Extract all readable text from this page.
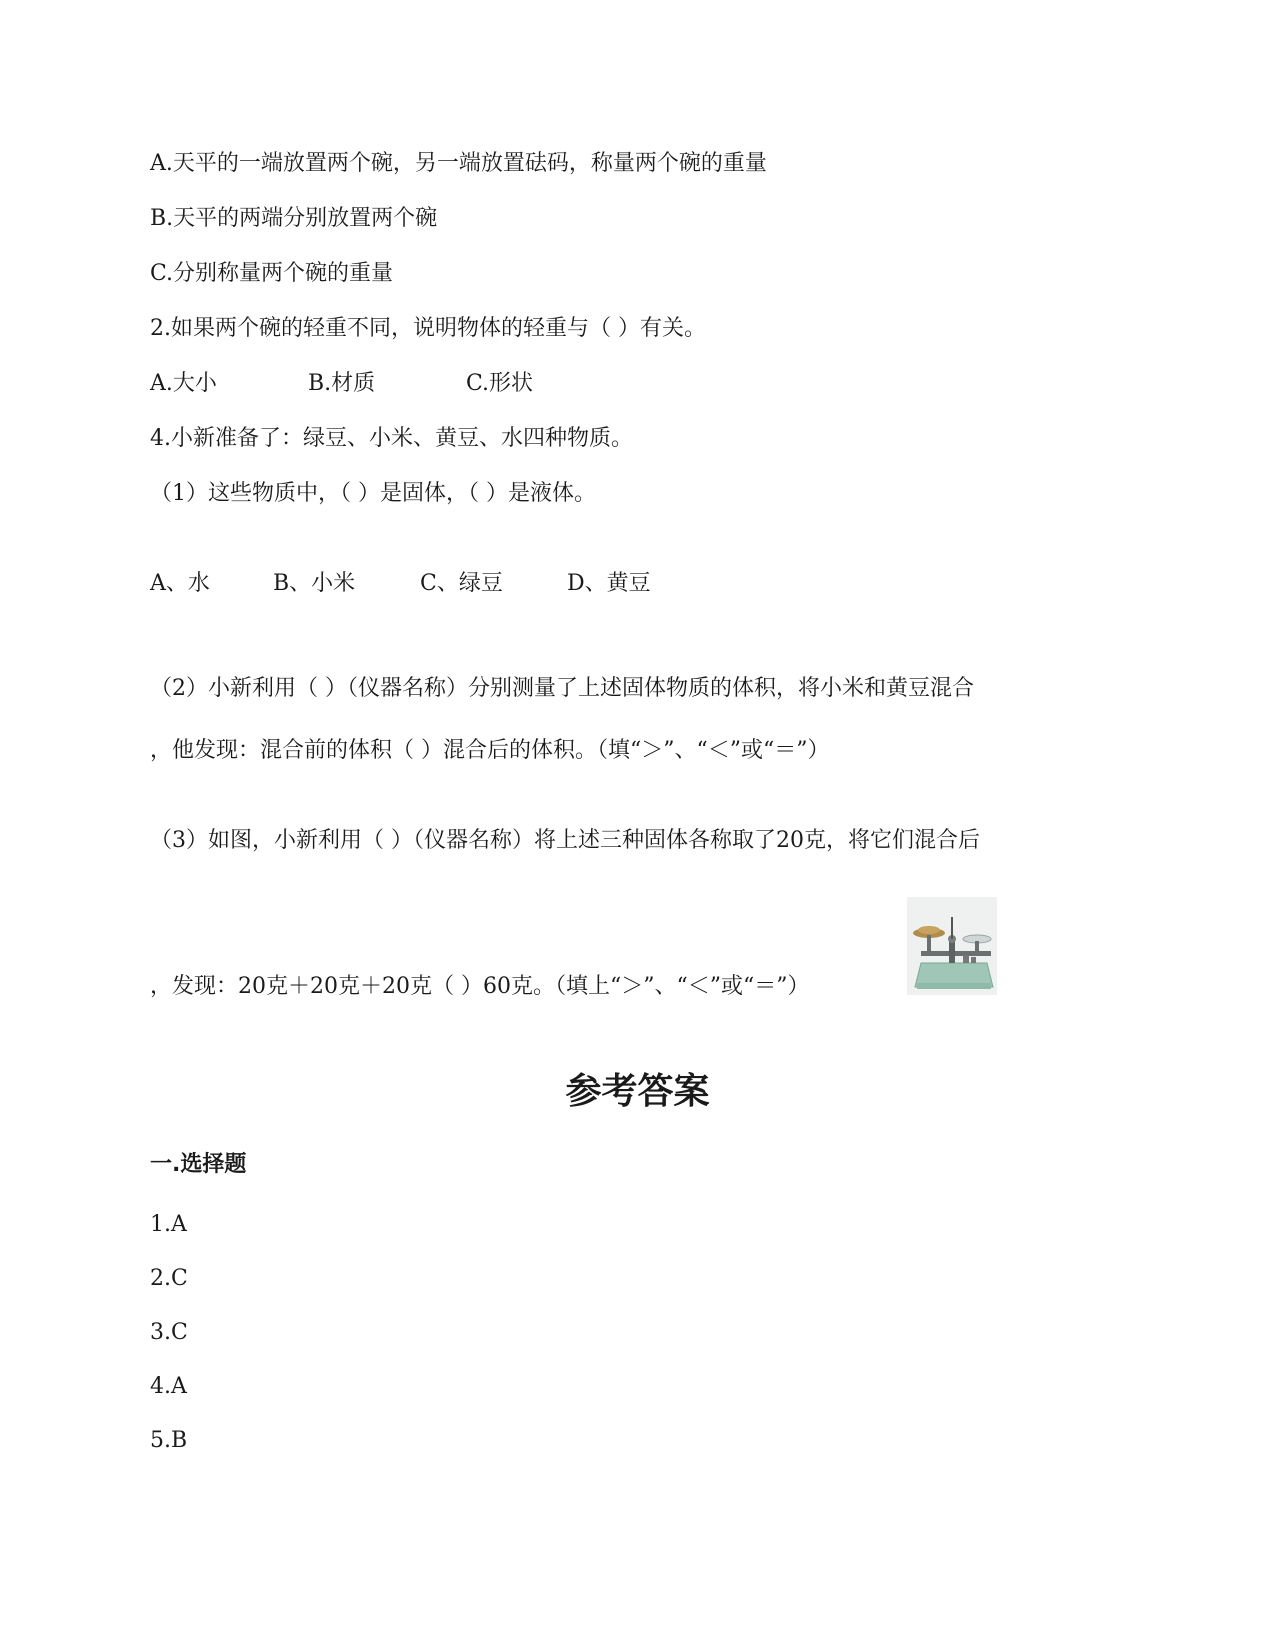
A.天平的一端放置两个碗，另一端放置砝码，称量两个碗的重量
B.天平的两端分别放置两个碗
C.分别称量两个碗的重量
2.如果两个碗的轻重不同，说明物体的轻重与（ ）有关。
A.大小	B.材质	C.形状
4.小新准备了：绿豆、小米、黄豆、水四种物质。
（1）这些物质中，（ ）是固体，（ ）是液体。
A、水	B、小米	C、绿豆	D、黄豆
（2）小新利用（ ）（仪器名称）分别测量了上述固体物质的体积，将小米和黄豆混合
，他发现：混合前的体积（ ）混合后的体积。（填“＞”、“＜”或“＝”）
（3）如图，小新利用（ ）（仪器名称）将上述三种固体各称取了20克，将它们混合后
，发现：20克＋20克＋20克（ ）60克。（填上“＞”、“＜”或“＝”）
参考答案
一.选择题
1.A
2.C
3.C
4.A
5.B
